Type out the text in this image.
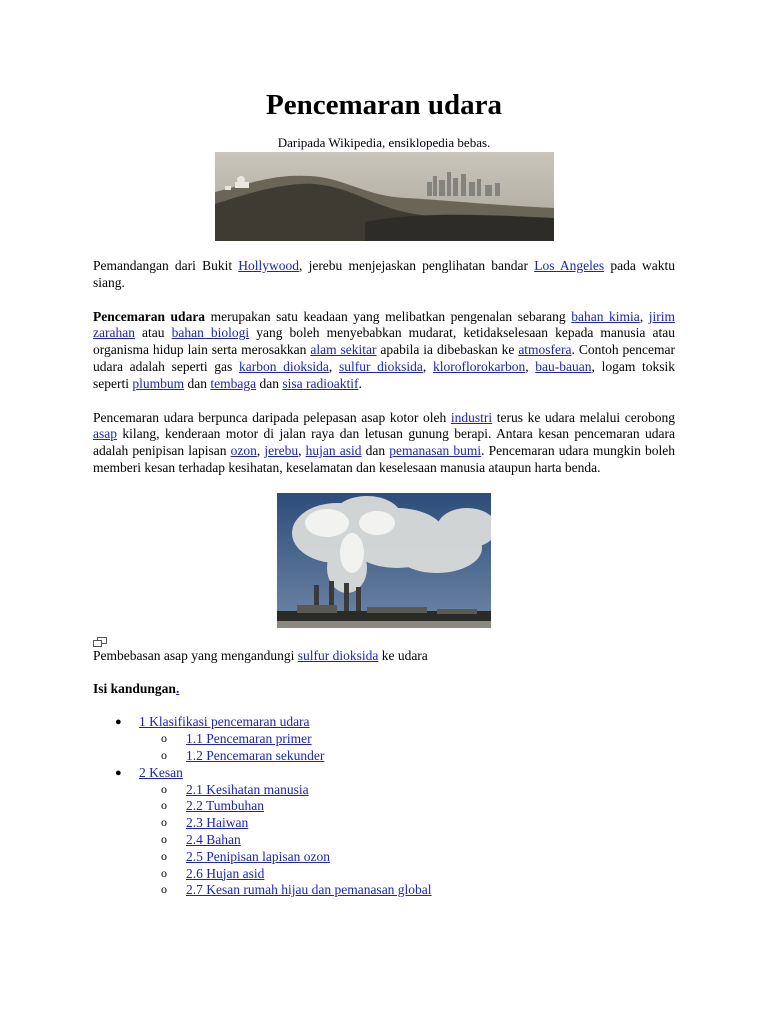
Pencemaran udara
Daripada Wikipedia, ensiklopedia bebas.

Pemandangan dari Bukit Hollywood, jerebu menjejaskan penglihatan bandar Los Angeles pada waktu siang.

Pencemaran udara merupakan satu keadaan yang melibatkan pengenalan sebarang bahan kimia, jirim zarahan atau bahan biologi yang boleh menyebabkan mudarat, ketidakselesaan kepada manusia atau organisma hidup lain serta merosakkan alam sekitar apabila ia dibebaskan ke atmosfera. Contoh pencemar udara adalah seperti gas karbon dioksida, sulfur dioksida, kloroflorokarbon, bau-bauan, logam toksik seperti plumbum dan tembaga dan sisa radioaktif.

Pencemaran udara berpunca daripada pelepasan asap kotor oleh industri terus ke udara melalui cerobong asap kilang, kenderaan motor di jalan raya dan letusan gunung berapi. Antara kesan pencemaran udara adalah penipisan lapisan ozon, jerebu, hujan asid dan pemanasan bumi. Pencemaran udara mungkin boleh memberi kesan terhadap kesihatan, keselamatan dan keselesaan manusia ataupun harta benda.

Pembebasan asap yang mengandungi sulfur dioksida ke udara

Isi kandungan.

● 1 Klasifikasi pencemaran udara
o 1.1 Pencemaran primer
o 1.2 Pencemaran sekunder
● 2 Kesan
o 2.1 Kesihatan manusia
o 2.2 Tumbuhan
o 2.3 Haiwan
o 2.4 Bahan
o 2.5 Penipisan lapisan ozon
o 2.6 Hujan asid
o 2.7 Kesan rumah hijau dan pemanasan global
